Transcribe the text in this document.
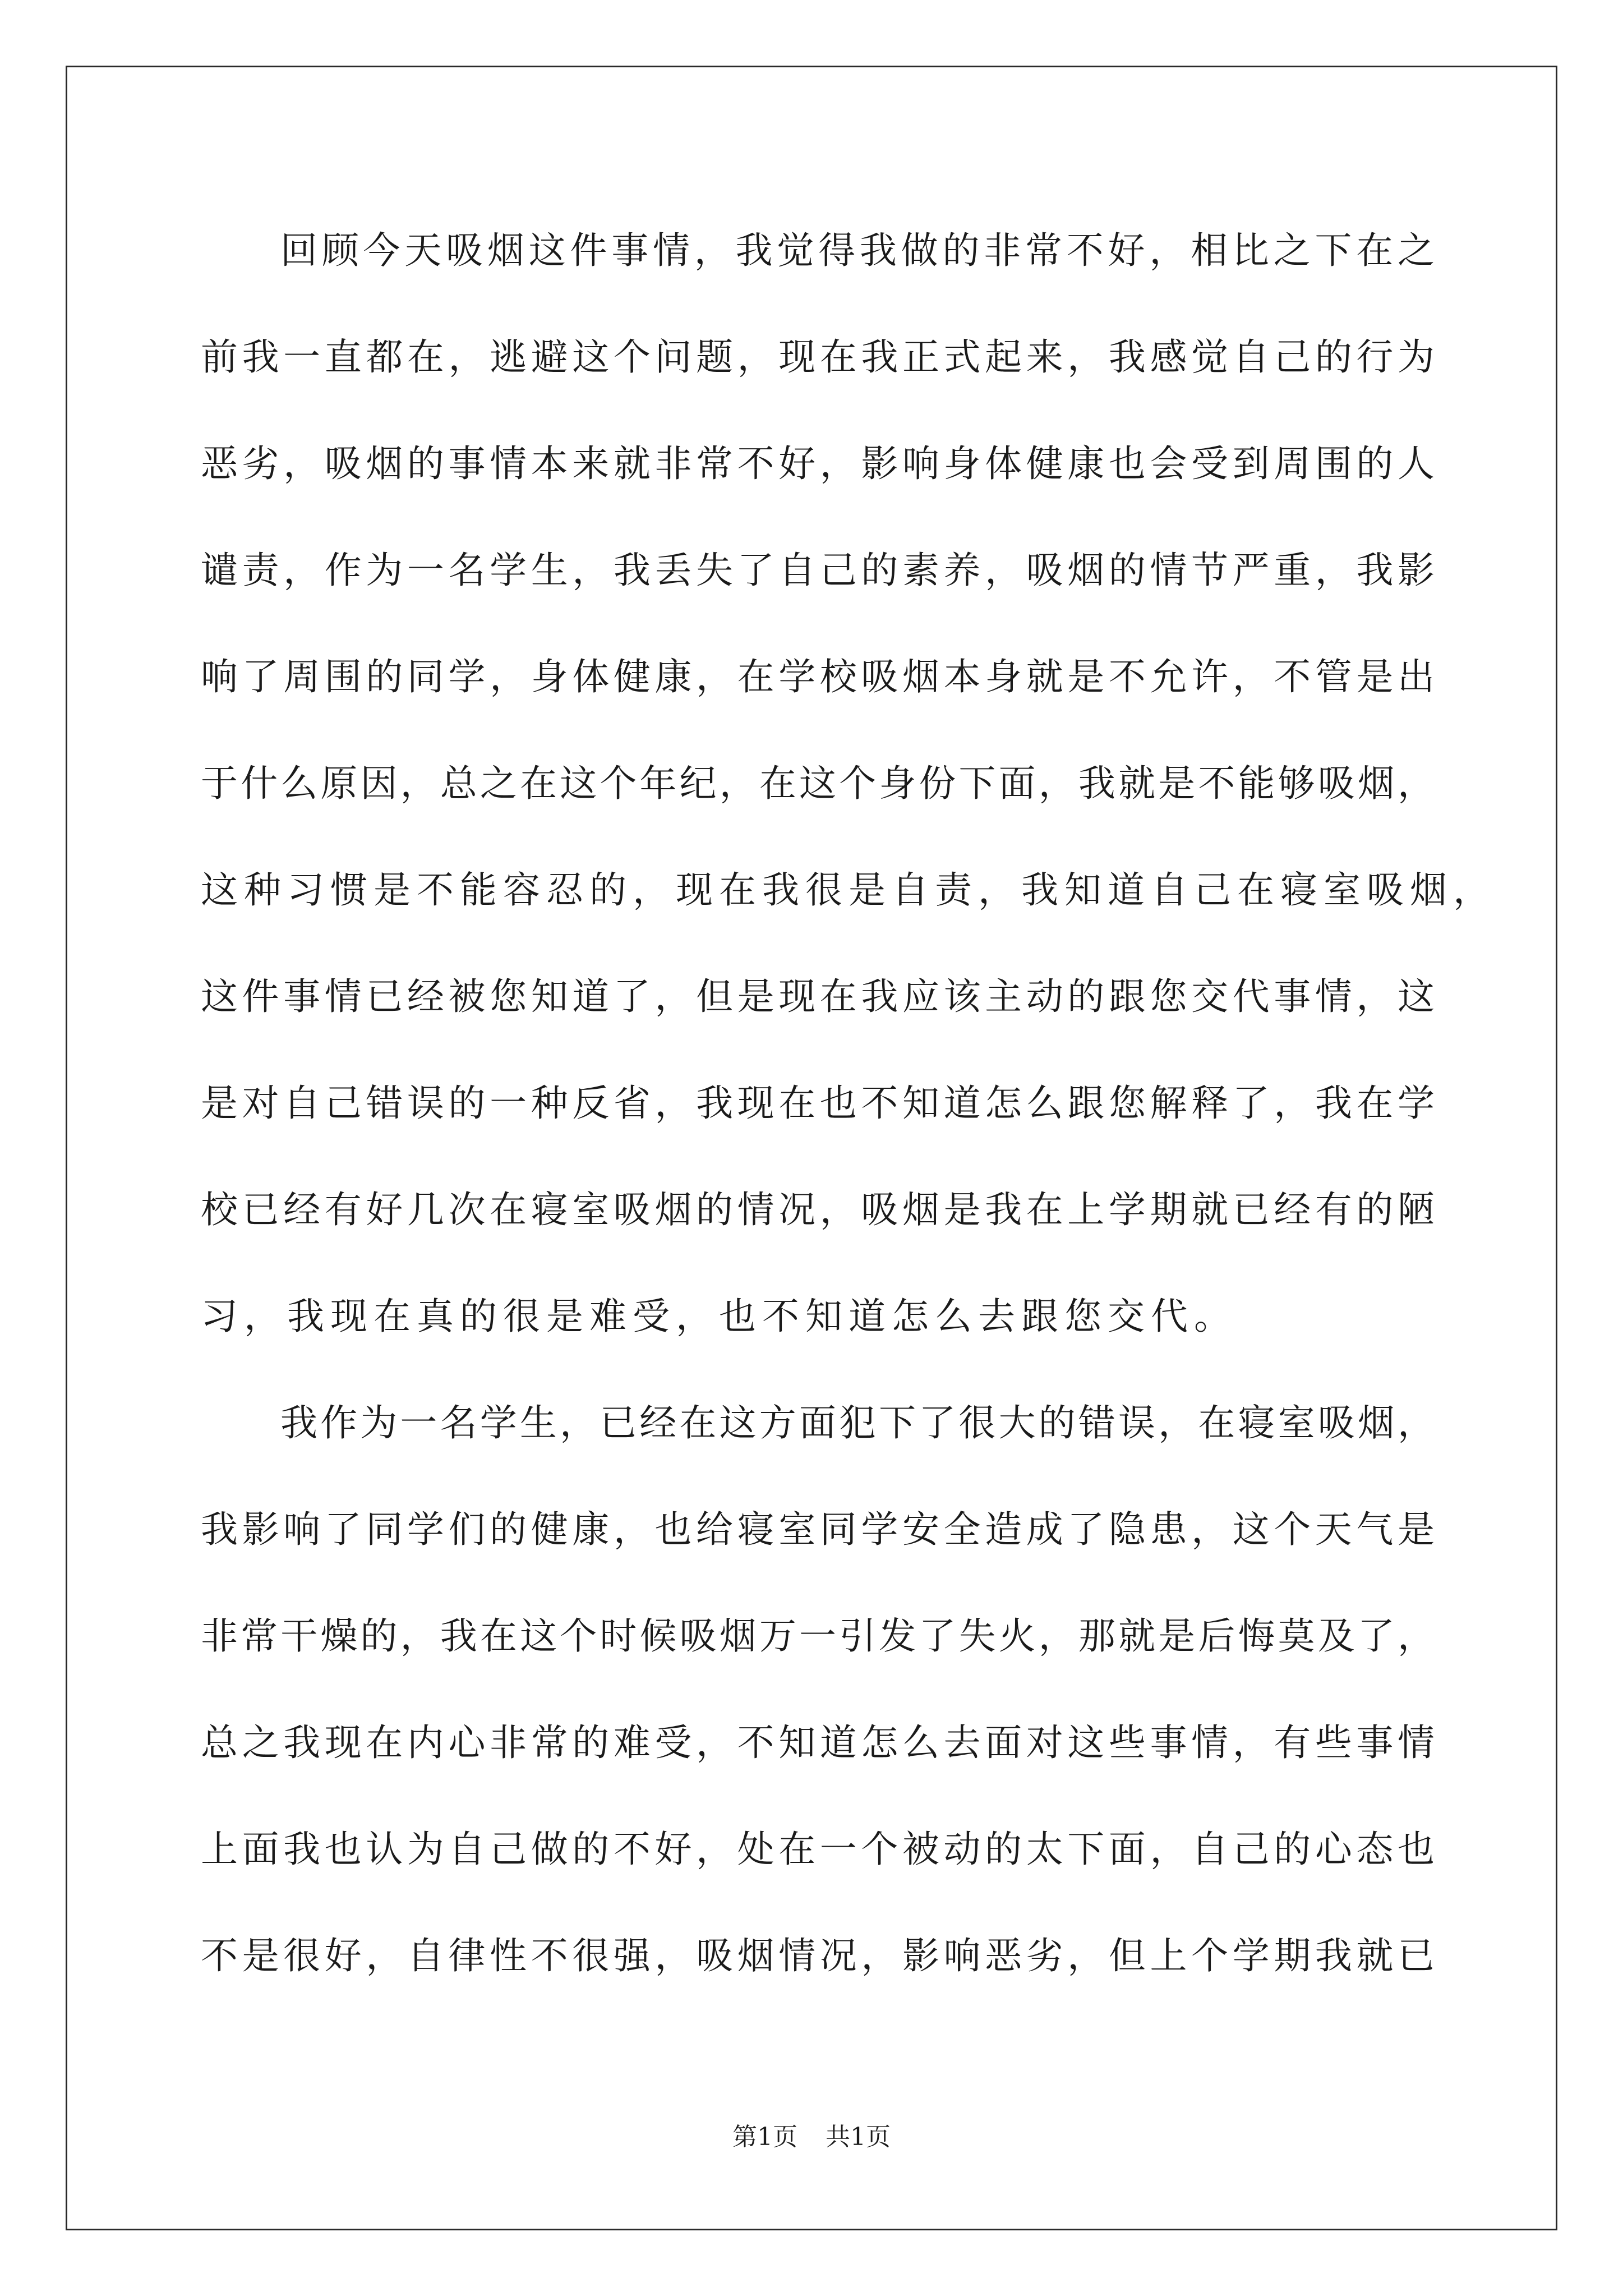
回顾今天吸烟这件事情，我觉得我做的非常不好，相比之下在之
前我一直都在，逃避这个问题，现在我正式起来，我感觉自己的行为
恶劣，吸烟的事情本来就非常不好，影响身体健康也会受到周围的人
谴责，作为一名学生，我丢失了自己的素养，吸烟的情节严重，我影
响了周围的同学，身体健康，在学校吸烟本身就是不允许，不管是出
于什么原因，总之在这个年纪，在这个身份下面，我就是不能够吸烟，
这种习惯是不能容忍的，现在我很是自责，我知道自己在寝室吸烟，
这件事情已经被您知道了，但是现在我应该主动的跟您交代事情，这
是对自己错误的一种反省，我现在也不知道怎么跟您解释了，我在学
校已经有好几次在寝室吸烟的情况，吸烟是我在上学期就已经有的陋
习，我现在真的很是难受，也不知道怎么去跟您交代。
我作为一名学生，已经在这方面犯下了很大的错误，在寝室吸烟，
我影响了同学们的健康，也给寝室同学安全造成了隐患，这个天气是
非常干燥的，我在这个时候吸烟万一引发了失火，那就是后悔莫及了，
总之我现在内心非常的难受，不知道怎么去面对这些事情，有些事情
上面我也认为自己做的不好，处在一个被动的太下面，自己的心态也
不是很好，自律性不很强，吸烟情况，影响恶劣，但上个学期我就已
第1页 共1页
